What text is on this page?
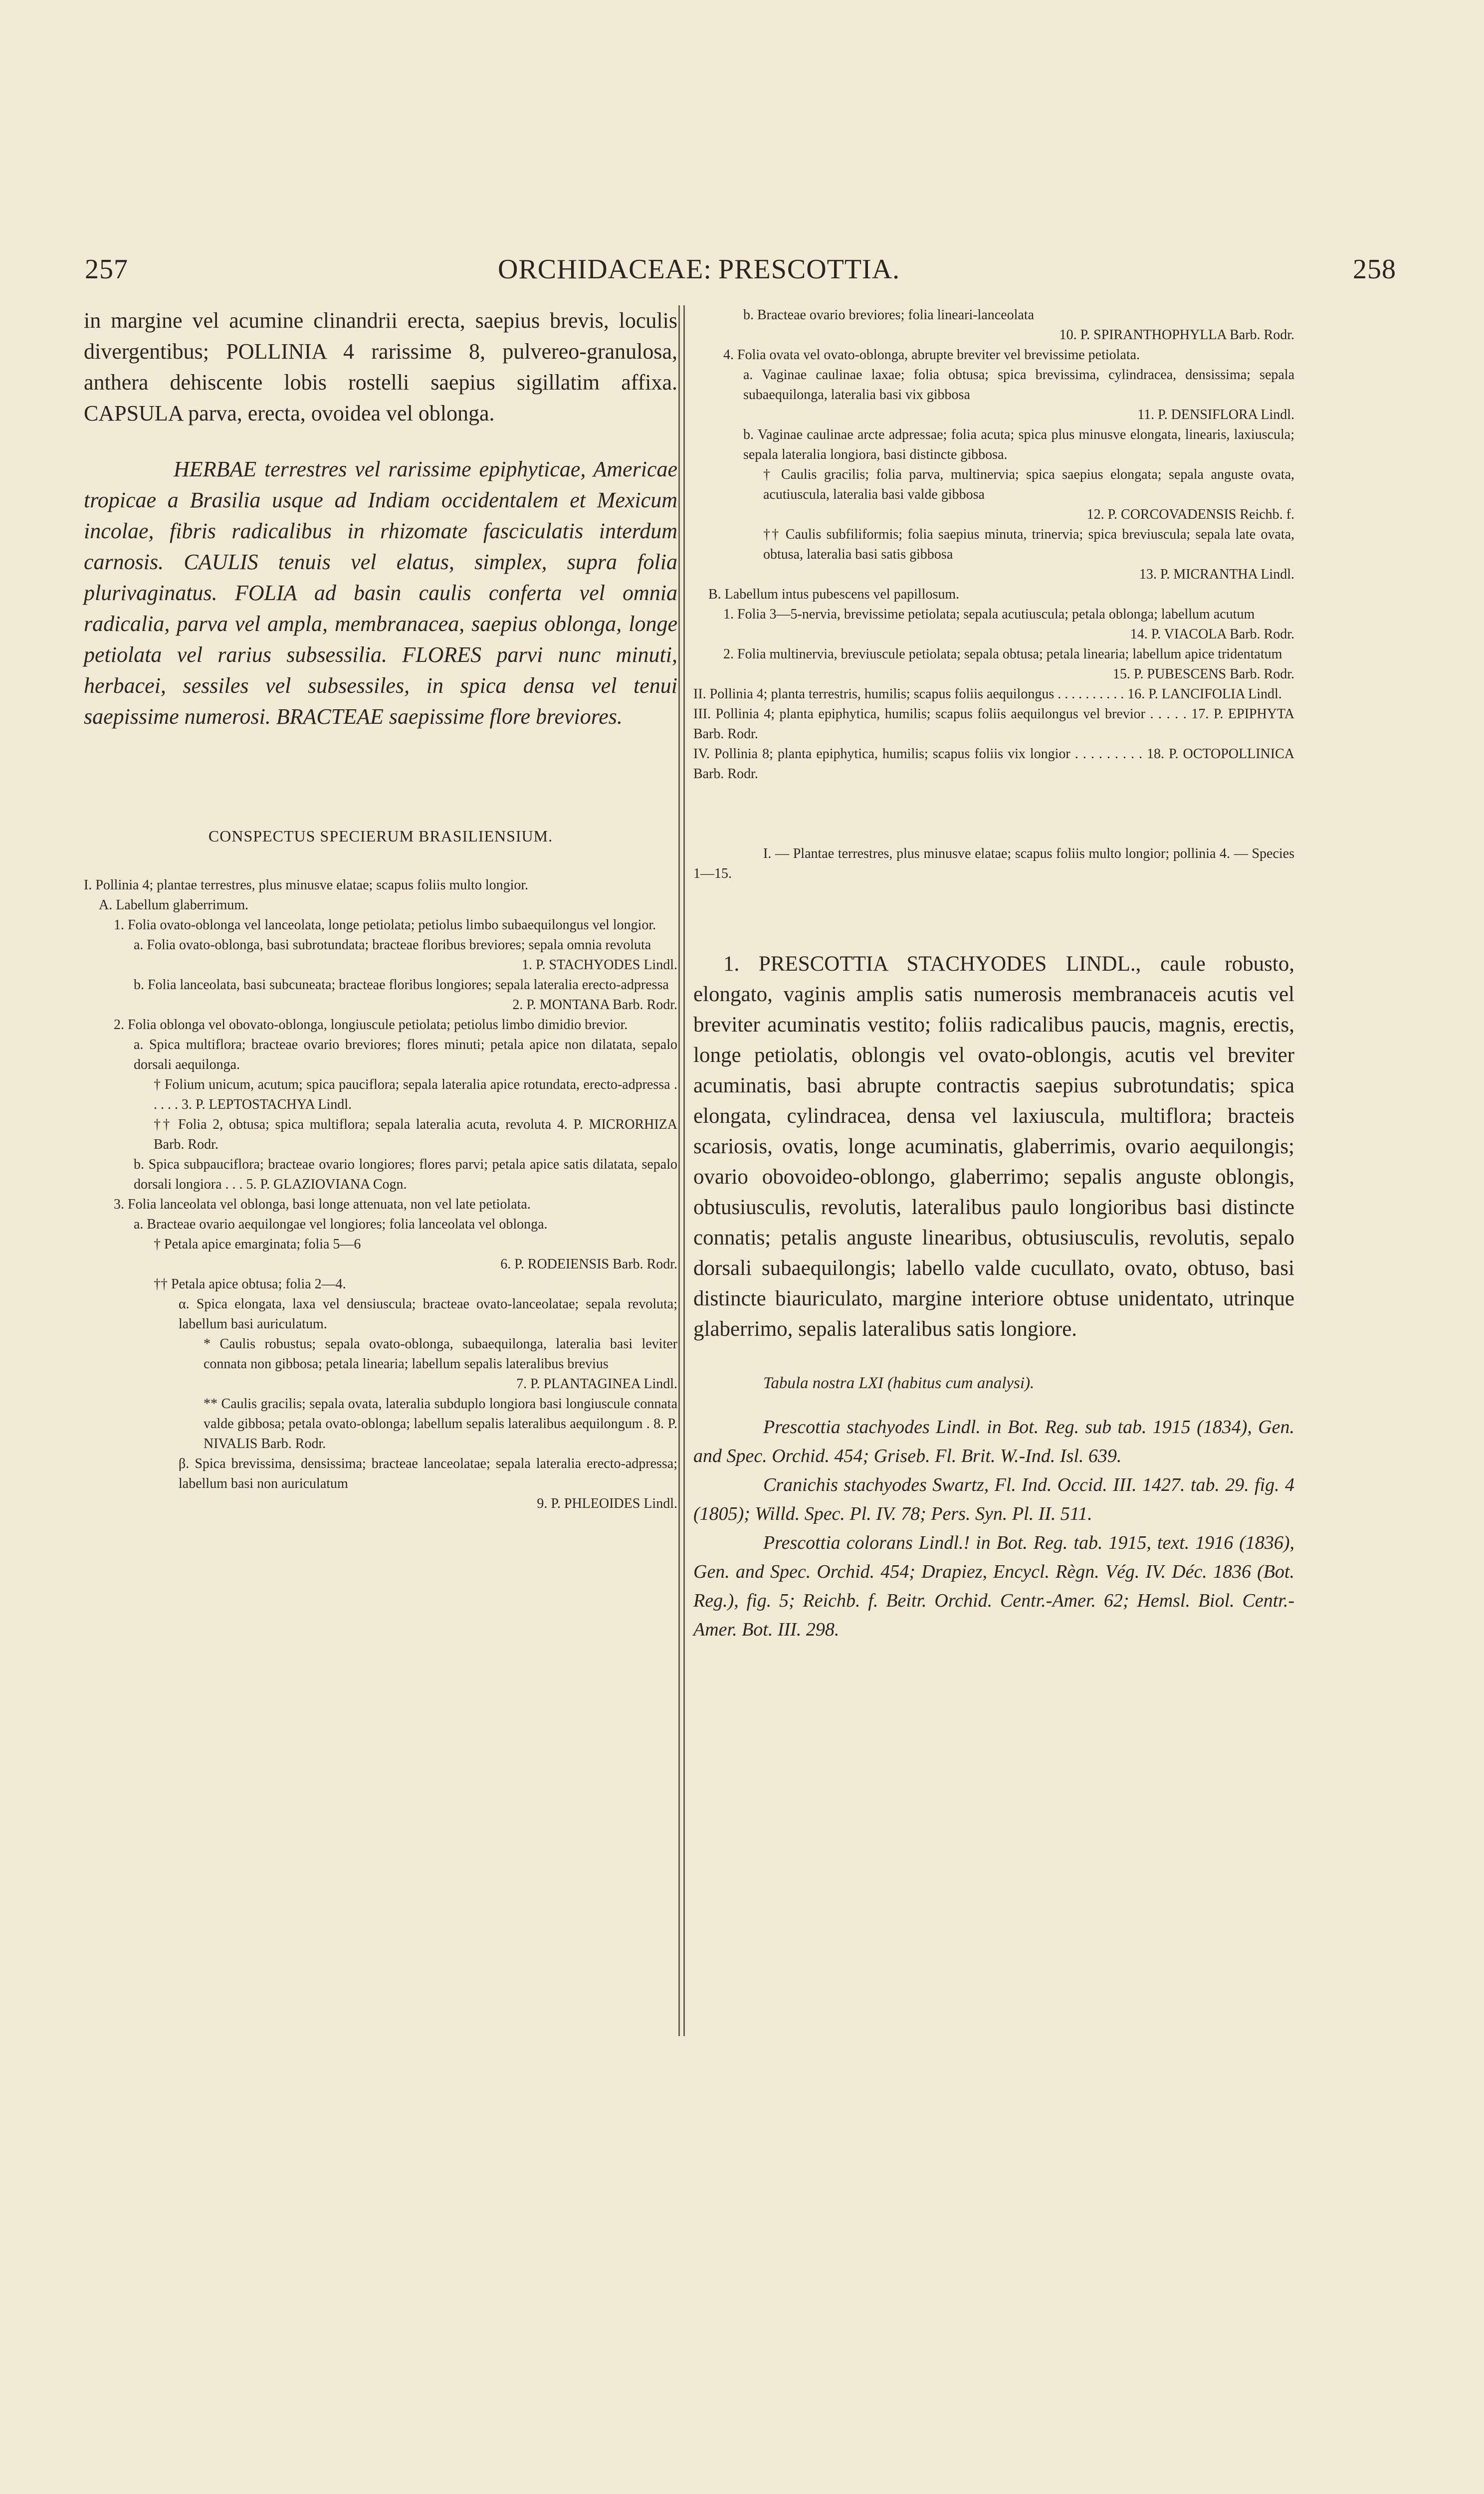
257	ORCHIDACEAE: PRESCOTTIA.	258

in margine vel acumine clinandrii erecta, saepius brevis, loculis divergentibus; POLLINIA 4 rarissime 8, pulvereo-granulosa, anthera dehiscente lobis rostelli saepius sigillatim affixa. CAPSULA parva, erecta, ovoidea vel oblonga.

HERBAE terrestres vel rarissime epiphyticae, Americae tropicae a Brasilia usque ad Indiam occidentalem et Mexicum incolae, fibris radicalibus in rhizomate fasciculatis interdum carnosis. CAULIS tenuis vel elatus, simplex, supra folia plurivaginatus. FOLIA ad basin caulis conferta vel omnia radicalia, parva vel ampla, membranacea, saepius oblonga, longe petiolata vel rarius subsessilia. FLORES parvi nunc minuti, herbacei, sessiles vel subsessiles, in spica densa vel tenui saepissime numerosi. BRACTEAE saepissime flore breviores.

CONSPECTUS SPECIERUM BRASILIENSIUM.

I. Pollinia 4; plantae terrestres, plus minusve elatae; scapus foliis multo longior.

A. Labellum glaberrimum.

1. Folia ovato-oblonga vel lanceolata, longe petiolata; petiolus limbo subaequilongus vel longior.

a. Folia ovato-oblonga, basi subrotundata; bracteae floribus breviores; sepala omnia revoluta

1. P. STACHYODES Lindl.

b. Folia lanceolata, basi subcuneata; bracteae floribus longiores; sepala lateralia erecto-adpressa

2. P. MONTANA Barb. Rodr.

2. Folia oblonga vel obovato-oblonga, longiuscule petiolata; petiolus limbo dimidio brevior.

a. Spica multiflora; bracteae ovario breviores; flores minuti; petala apice non dilatata, sepalo dorsali aequilonga.

† Folium unicum, acutum; spica pauciflora; sepala lateralia apice rotundata, erecto-adpressa . . . . . 3. P. LEPTOSTACHYA Lindl.

†† Folia 2, obtusa; spica multiflora; sepala lateralia acuta, revoluta 4. P. MICRORHIZA Barb. Rodr.

b. Spica subpauciflora; bracteae ovario longiores; flores parvi; petala apice satis dilatata, sepalo dorsali longiora . . . 5. P. GLAZIOVIANA Cogn.

3. Folia lanceolata vel oblonga, basi longe attenuata, non vel late petiolata.

a. Bracteae ovario aequilongae vel longiores; folia lanceolata vel oblonga.

† Petala apice emarginata; folia 5—6

6. P. RODEIENSIS Barb. Rodr.

†† Petala apice obtusa; folia 2—4.

α. Spica elongata, laxa vel densiuscula; bracteae ovato-lanceolatae; sepala revoluta; labellum basi auriculatum.

* Caulis robustus; sepala ovato-oblonga, subaequilonga, lateralia basi leviter connata non gibbosa; petala linearia; labellum sepalis lateralibus brevius

7. P. PLANTAGINEA Lindl.

** Caulis gracilis; sepala ovata, lateralia subduplo longiora basi longiuscule connata valde gibbosa; petala ovato-oblonga; labellum sepalis lateralibus aequilongum . 8. P. NIVALIS Barb. Rodr.

β. Spica brevissima, densissima; bracteae lanceolatae; sepala lateralia erecto-adpressa; labellum basi non auriculatum

9. P. PHLEOIDES Lindl.

b. Bracteae ovario breviores; folia lineari-lanceolata

10. P. SPIRANTHOPHYLLA Barb. Rodr.

4. Folia ovata vel ovato-oblonga, abrupte breviter vel brevissime petiolata.

a. Vaginae caulinae laxae; folia obtusa; spica brevissima, cylindracea, densissima; sepala subaequilonga, lateralia basi vix gibbosa

11. P. DENSIFLORA Lindl.

b. Vaginae caulinae arcte adpressae; folia acuta; spica plus minusve elongata, linearis, laxiuscula; sepala lateralia longiora, basi distincte gibbosa.

† Caulis gracilis; folia parva, multinervia; spica saepius elongata; sepala anguste ovata, acutiuscula, lateralia basi valde gibbosa

12. P. CORCOVADENSIS Reichb. f.

†† Caulis subfiliformis; folia saepius minuta, trinervia; spica breviuscula; sepala late ovata, obtusa, lateralia basi satis gibbosa

13. P. MICRANTHA Lindl.

B. Labellum intus pubescens vel papillosum.

1. Folia 3—5-nervia, brevissime petiolata; sepala acutiuscula; petala oblonga; labellum acutum

14. P. VIACOLA Barb. Rodr.

2. Folia multinervia, breviuscule petiolata; sepala obtusa; petala linearia; labellum apice tridentatum

15. P. PUBESCENS Barb. Rodr.

II. Pollinia 4; planta terrestris, humilis; scapus foliis aequilongus . . . . . . . . . . 16. P. LANCIFOLIA Lindl.

III. Pollinia 4; planta epiphytica, humilis; scapus foliis aequilongus vel brevior . . . . . 17. P. EPIPHYTA Barb. Rodr.

IV. Pollinia 8; planta epiphytica, humilis; scapus foliis vix longior . . . . . . . . . 18. P. OCTOPOLLINICA Barb. Rodr.

I. — Plantae terrestres, plus minusve elatae; scapus foliis multo longior; pollinia 4. — Species 1—15.

1. PRESCOTTIA STACHYODES LINDL., caule robusto, elongato, vaginis amplis satis numerosis membranaceis acutis vel breviter acuminatis vestito; foliis radicalibus paucis, magnis, erectis, longe petiolatis, oblongis vel ovato-oblongis, acutis vel breviter acuminatis, basi abrupte contractis saepius subrotundatis; spica elongata, cylindracea, densa vel laxiuscula, multiflora; bracteis scariosis, ovatis, longe acuminatis, glaberrimis, ovario aequilongis; ovario obovoideo-oblongo, glaberrimo; sepalis anguste oblongis, obtusiusculis, revolutis, lateralibus paulo longioribus basi distincte connatis; petalis anguste linearibus, obtusiusculis, revolutis, sepalo dorsali subaequilongis; labello valde cucullato, ovato, obtuso, basi distincte biauriculato, margine interiore obtuse unidentato, utrinque glaberrimo, sepalis lateralibus satis longiore.

Tabula nostra LXI (habitus cum analysi).

Prescottia stachyodes Lindl. in Bot. Reg. sub tab. 1915 (1834), Gen. and Spec. Orchid. 454; Griseb. Fl. Brit. W.-Ind. Isl. 639.

Cranichis stachyodes Swartz, Fl. Ind. Occid. III. 1427. tab. 29. fig. 4 (1805); Willd. Spec. Pl. IV. 78; Pers. Syn. Pl. II. 511.

Prescottia colorans Lindl.! in Bot. Reg. tab. 1915, text. 1916 (1836), Gen. and Spec. Orchid. 454; Drapiez, Encycl. Règn. Vég. IV. Déc. 1836 (Bot. Reg.), fig. 5; Reichb. f. Beitr. Orchid. Centr.-Amer. 62; Hemsl. Biol. Centr.-Amer. Bot. III. 298.
